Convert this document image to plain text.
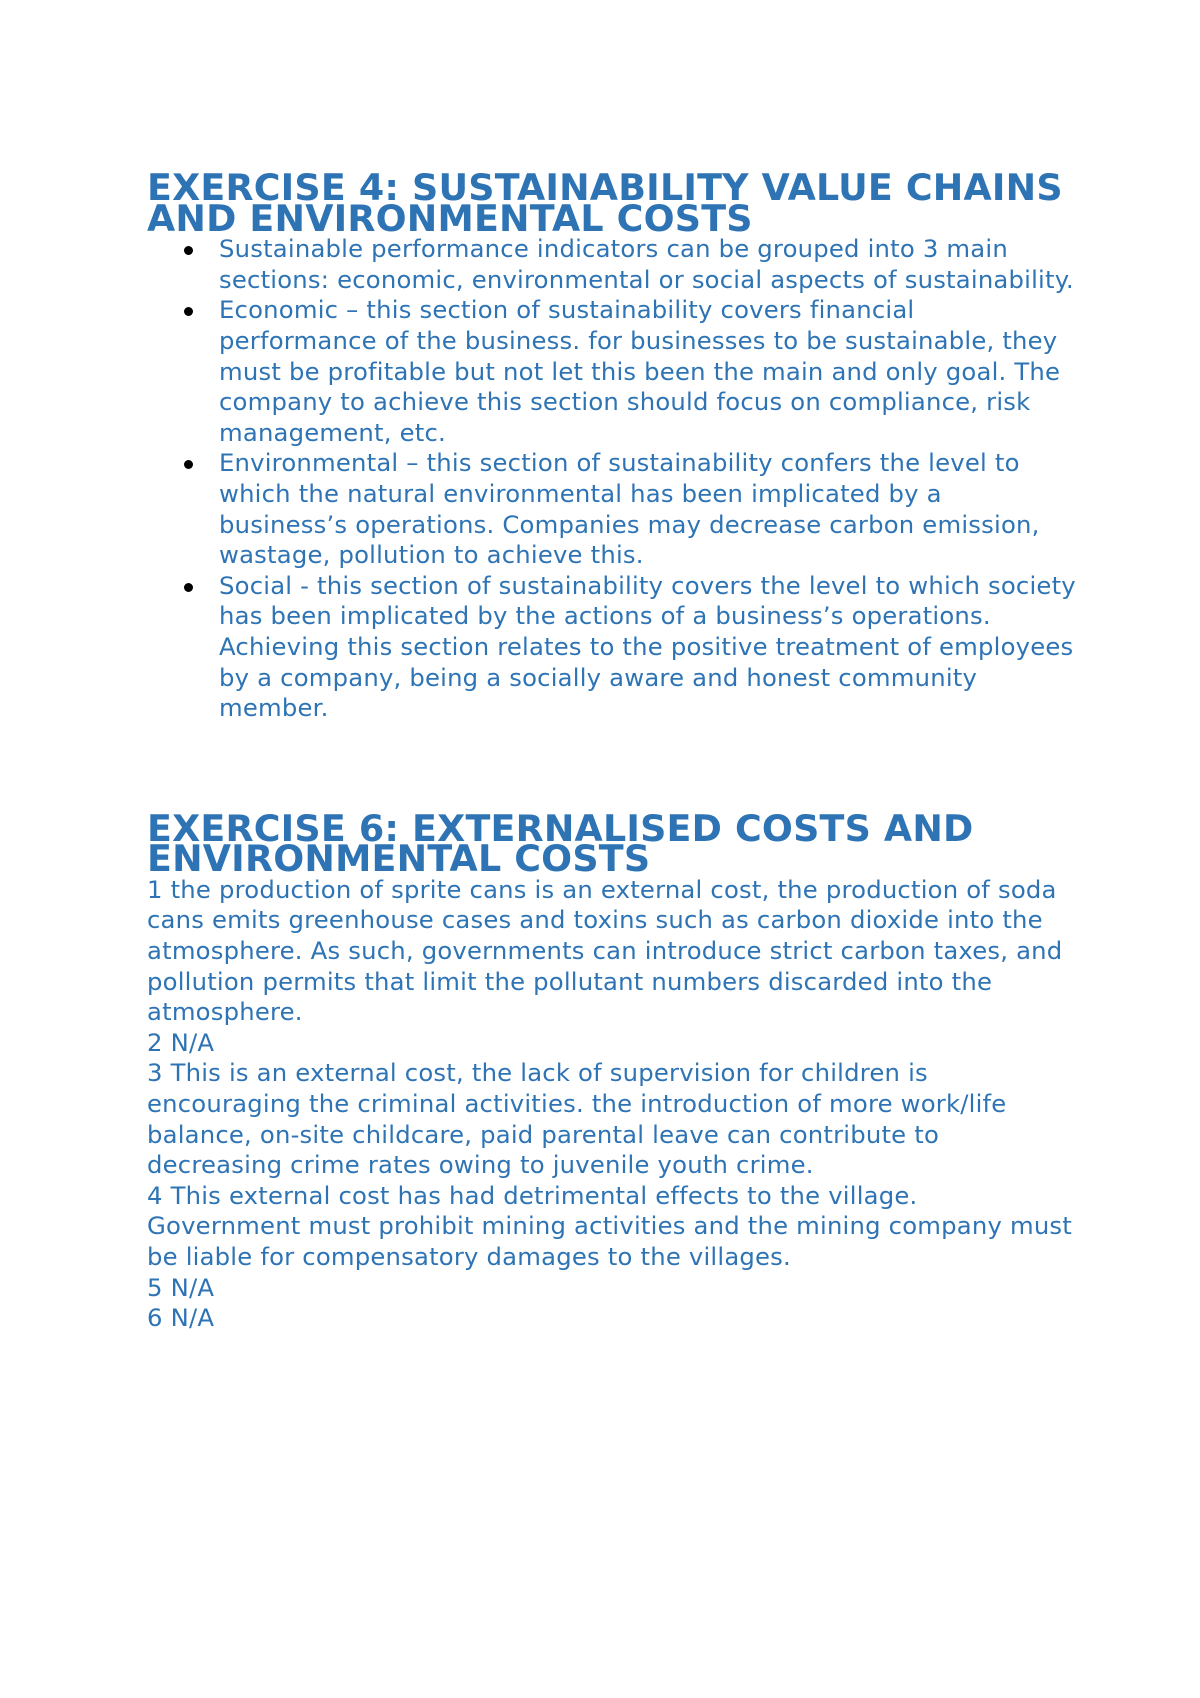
EXERCISE 4: SUSTAINABILITY VALUE CHAINS AND ENVIRONMENTAL COSTS
Sustainable performance indicators can be grouped into 3 main sections: economic, environmental or social aspects of sustainability.
Economic – this section of sustainability covers financial performance of the business. for businesses to be sustainable, they must be profitable but not let this been the main and only goal. The company to achieve this section should focus on compliance, risk management, etc.
Environmental – this section of sustainability confers the level to which the natural environmental has been implicated by a business’s operations. Companies may decrease carbon emission, wastage, pollution to achieve this.
Social - this section of sustainability covers the level to which society has been implicated by the actions of a business’s operations. Achieving this section relates to the positive treatment of employees by a company, being a socially aware and honest community member.
EXERCISE 6: EXTERNALISED COSTS AND ENVIRONMENTAL COSTS

1 the production of sprite cans is an external cost, the production of soda cans emits greenhouse cases and toxins such as carbon dioxide into the atmosphere. As such, governments can introduce strict carbon taxes, and pollution permits that limit the pollutant numbers discarded into the atmosphere.

2 N/A

3 This is an external cost, the lack of supervision for children is encouraging the criminal activities. the introduction of more work/life balance, on-site childcare, paid parental leave can contribute to decreasing crime rates owing to juvenile youth crime.

4 This external cost has had detrimental effects to the village. Government must prohibit mining activities and the mining company must be liable for compensatory damages to the villages.

5 N/A

6 N/A
